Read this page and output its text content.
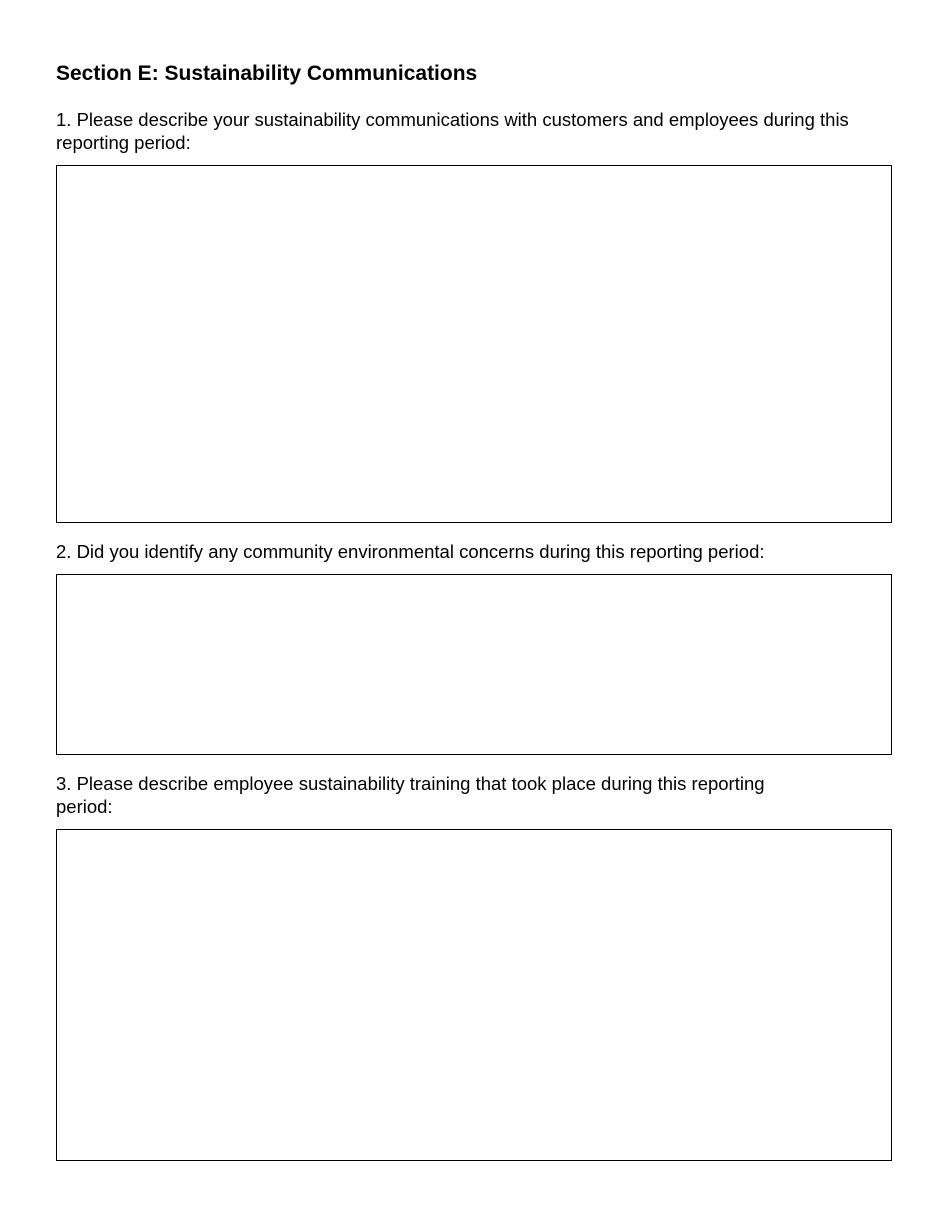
Section E: Sustainability Communications

1. Please describe your sustainability communications with customers and employees during this reporting period:

2. Did you identify any community environmental concerns during this reporting period:

3. Please describe employee sustainability training that took place during this reporting period:
